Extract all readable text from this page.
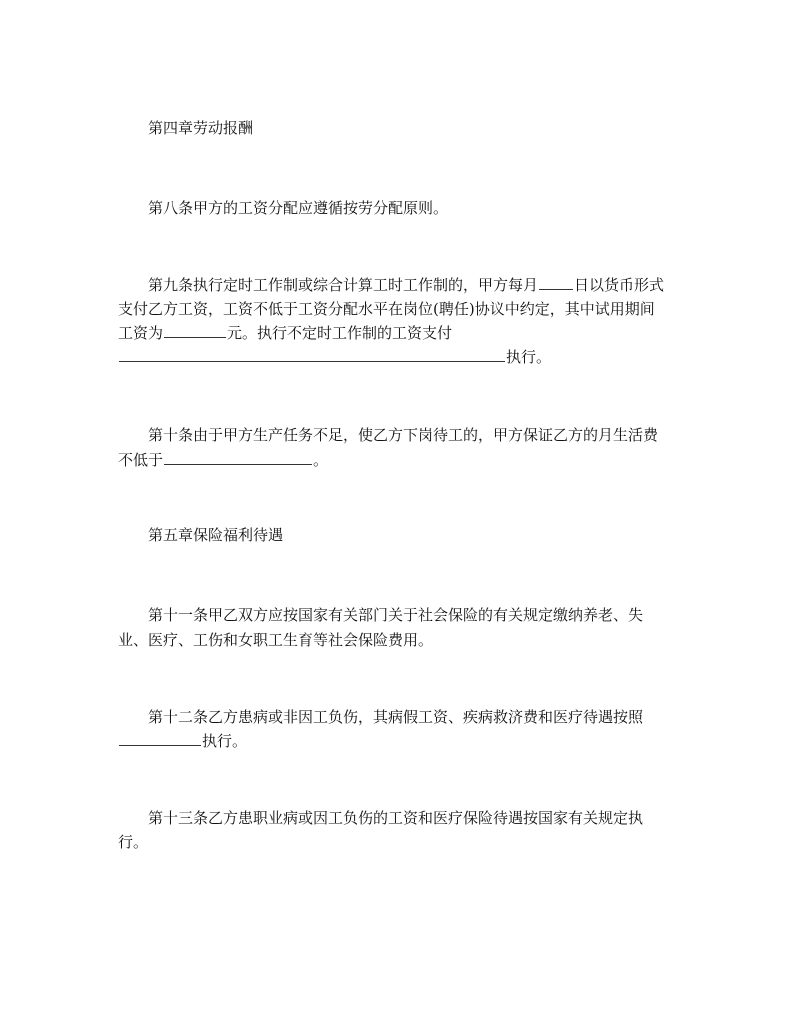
第四章劳动报酬
第八条甲方的工资分配应遵循按劳分配原则。
第九条执行定时工作制或综合计算工时工作制的，甲方每月 日以货币形式
支付乙方工资，工资不低于工资分配水平在岗位(聘任)协议中约定，其中试用期间
工资为	元。执行不定时工作制的工资支付
执行。
第十条由于甲方生产任务不足，使乙方下岗待工的，甲方保证乙方的月生活费
不低于	。
第五章保险福利待遇
第十一条甲乙双方应按国家有关部门关于社会保险的有关规定缴纳养老、失
业、医疗、工伤和女职工生育等社会保险费用。
第十二条乙方患病或非因工负伤，其病假工资、疾病救济费和医疗待遇按照
执行。
第十三条乙方患职业病或因工负伤的工资和医疗保险待遇按国家有关规定执
行。
